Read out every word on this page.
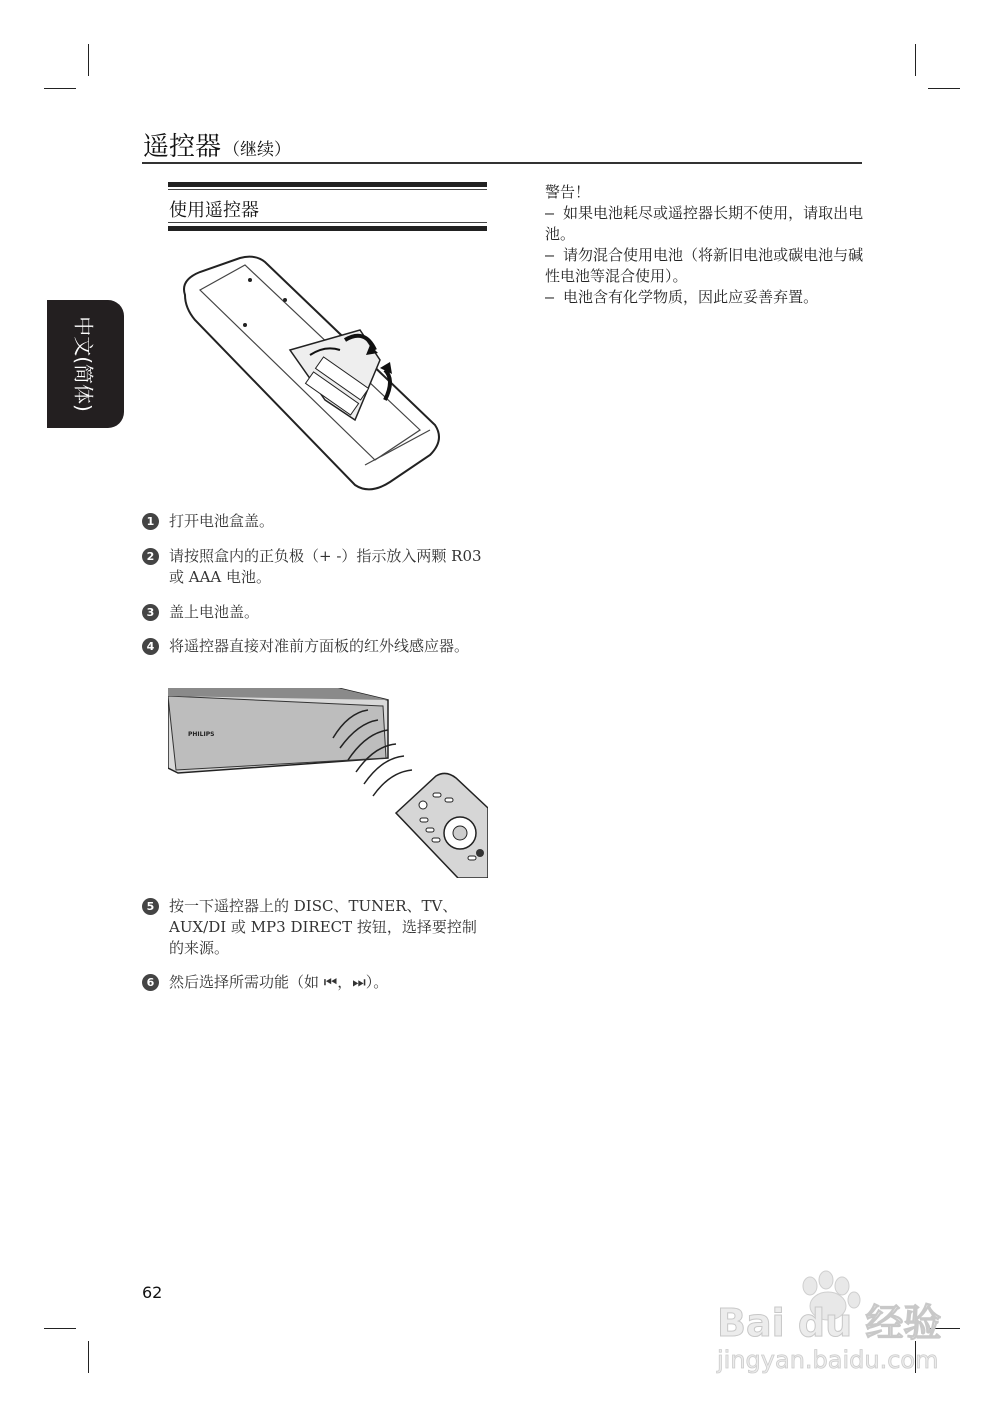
遥控器 （继续）
中文(简体)
使用遥控器
1 打开电池盒盖。
2 请按照盒内的正负极（+ -）指示放入两颗 R03 或 AAA 电池。
3 盖上电池盖。
4 将遥控器直接对准前方面板的红外线感应器。
PHILIPS
5 按一下遥控器上的 DISC、TUNER、TV、AUX/DI 或 MP3 DIRECT 按钮，选择要控制的来源。
6 然后选择所需功能（如 ⏮，⏭）。
警告！
– 如果电池耗尽或遥控器长期不使用，请取出电池。
– 请勿混合使用电池（将新旧电池或碳电池与碱性电池等混合使用）。
– 电池含有化学物质，因此应妥善弃置。
62
Bai du 经验
jingyan.baidu.com
